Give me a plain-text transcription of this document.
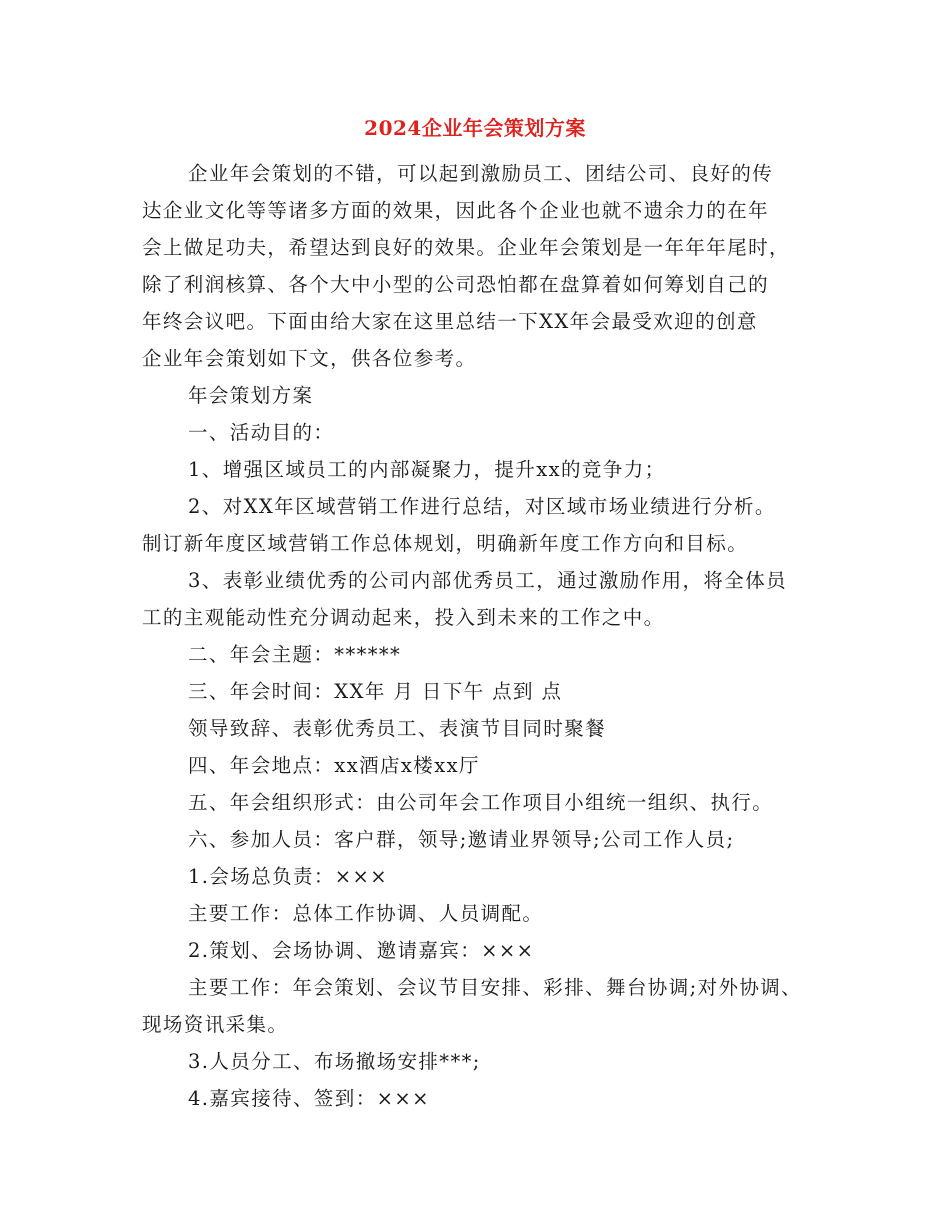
2024企业年会策划方案
企业年会策划的不错，可以起到激励员工、团结公司、良好的传
达企业文化等等诸多方面的效果，因此各个企业也就不遗余力的在年
会上做足功夫，希望达到良好的效果。企业年会策划是一年年年尾时，
除了利润核算、各个大中小型的公司恐怕都在盘算着如何筹划自己的
年终会议吧。下面由给大家在这里总结一下XX年会最受欢迎的创意
企业年会策划如下文，供各位参考。
年会策划方案
一、活动目的：
1、增强区域员工的内部凝聚力，提升xx的竞争力；
2、对XX年区域营销工作进行总结，对区域市场业绩进行分析。
制订新年度区域营销工作总体规划，明确新年度工作方向和目标。
3、表彰业绩优秀的公司内部优秀员工，通过激励作用，将全体员
工的主观能动性充分调动起来，投入到未来的工作之中。
二、年会主题：******
三、年会时间：XX年 月 日下午 点到 点
领导致辞、表彰优秀员工、表演节目同时聚餐
四、年会地点：xx酒店x楼xx厅
五、年会组织形式：由公司年会工作项目小组统一组织、执行。
六、参加人员：客户群，领导;邀请业界领导;公司工作人员;
1.会场总负责：×××
主要工作：总体工作协调、人员调配。
2.策划、会场协调、邀请嘉宾：×××
主要工作：年会策划、会议节目安排、彩排、舞台协调;对外协调、
现场资讯采集。
3.人员分工、布场撤场安排***;
4.嘉宾接待、签到：×××
